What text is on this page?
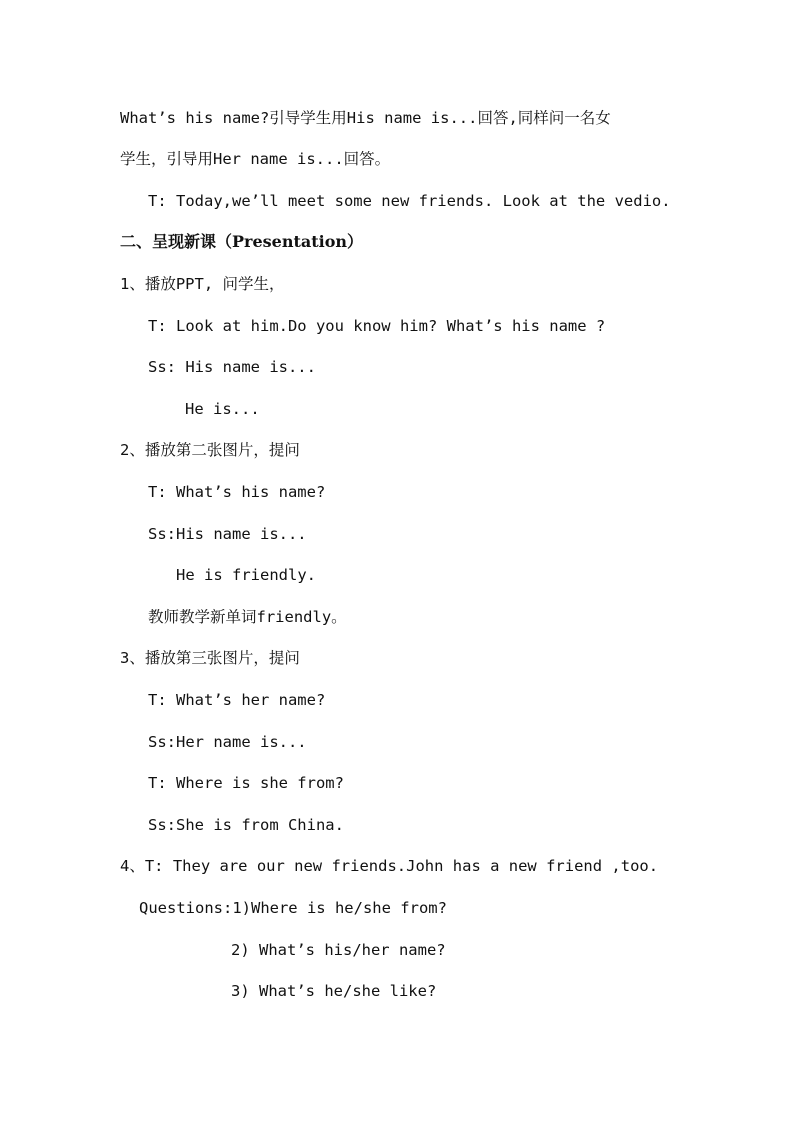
What’s his name?引导学生用His name is...回答,同样问一名女
学生，引导用Her name is...回答。
T: Today,we’ll meet some new friends. Look at the vedio.
二、呈现新课（Presentation）
1、播放PPT, 问学生，
T: Look at him.Do you know him? What’s his name ?
Ss: His name is...
He is...
2、播放第二张图片，提问
T: What’s his name?
Ss:His name is...
He is friendly.
教师教学新单词friendly。
3、播放第三张图片，提问
T: What’s her name?
Ss:Her name is...
T: Where is she from?
Ss:She is from China.
4、T: They are our new friends.John has a new friend ,too.
Questions:1)Where is he/she from?
2) What’s his/her name?
3) What’s he/she like?
